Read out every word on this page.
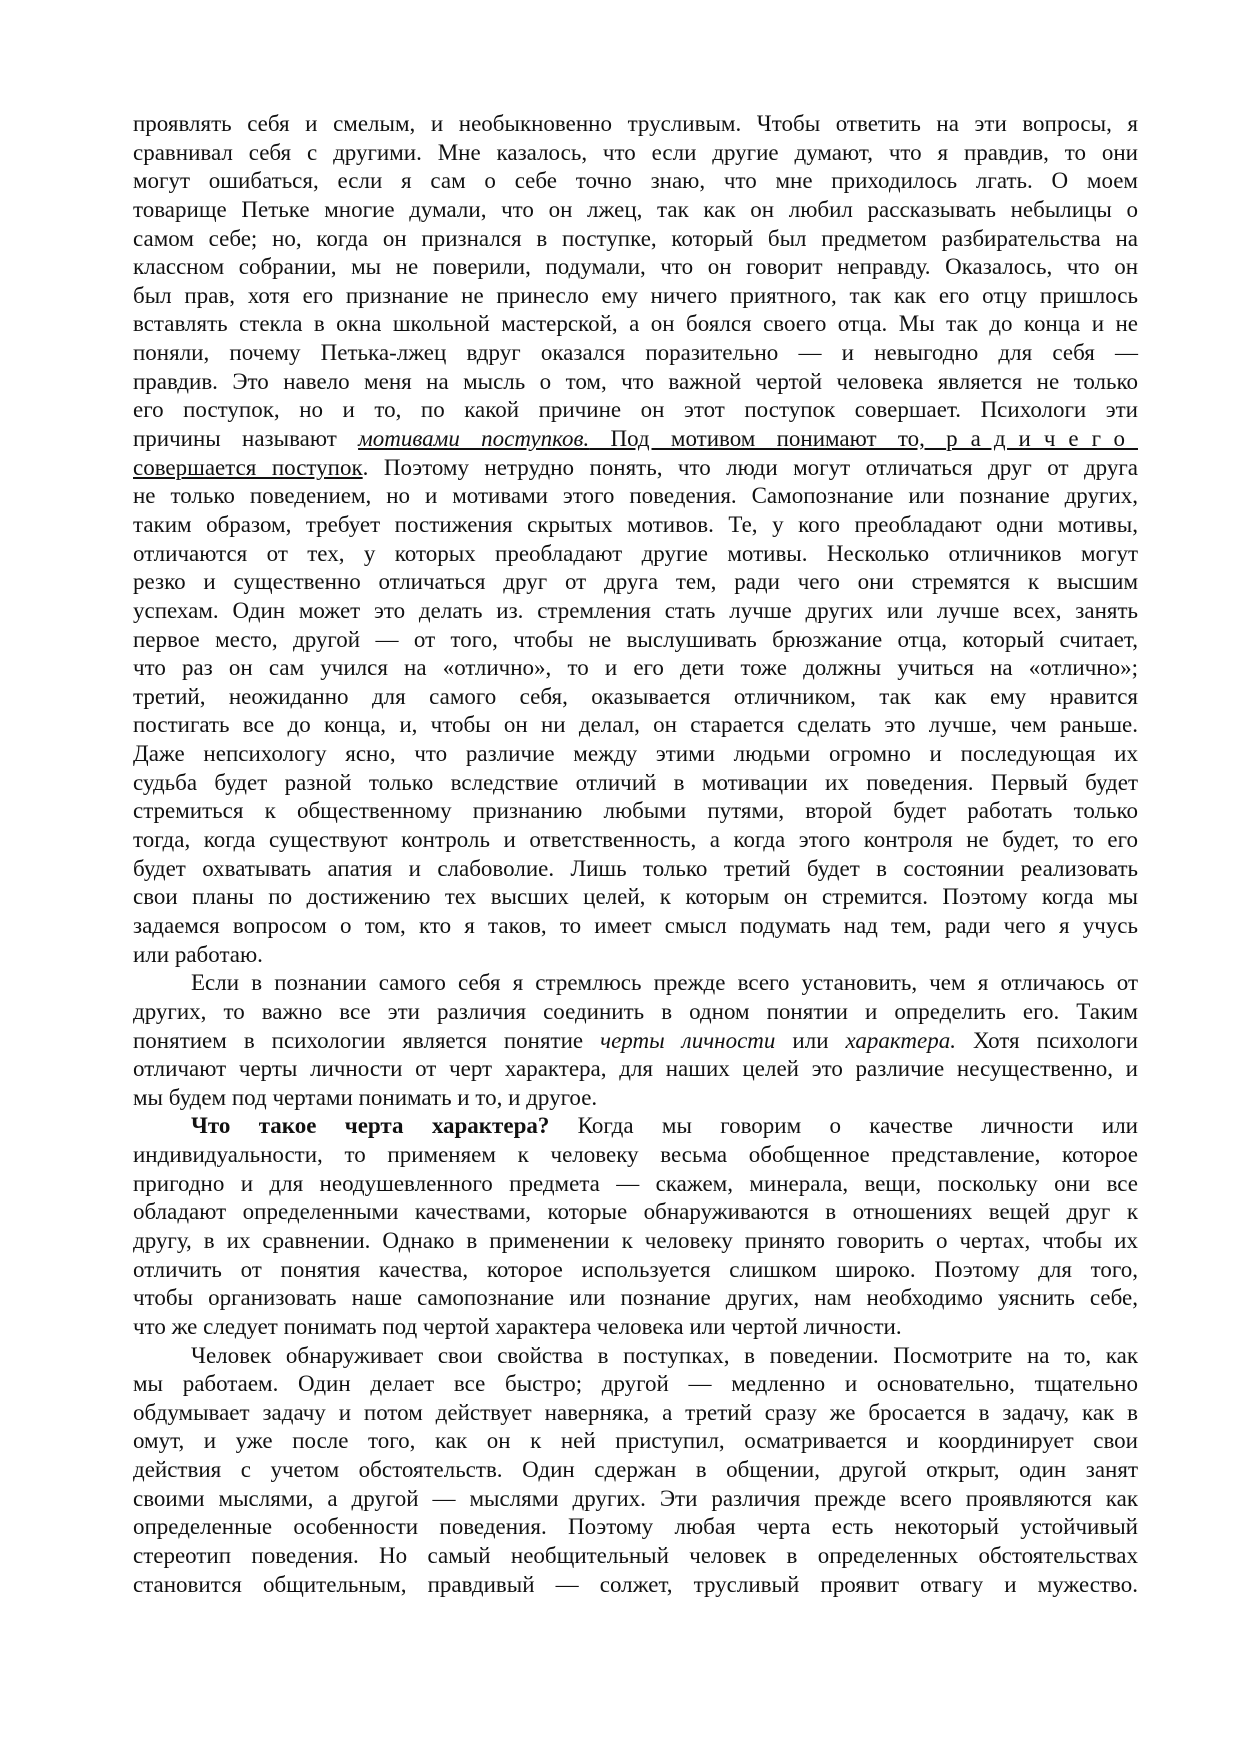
проявлять себя и смелым, и необыкновенно трусливым. Чтобы ответить на эти вопросы, я
сравнивал себя с другими. Мне казалось, что если другие думают, что я правдив, то они
могут ошибаться, если я сам о себе точно знаю, что мне приходилось лгать. О моем
товарище Петьке многие думали, что он лжец, так как он любил рассказывать небылицы о
самом себе; но, когда он признался в поступке, который был предметом разбирательства на
классном собрании, мы не поверили, подумали, что он говорит неправду. Оказалось, что он
был прав, хотя его признание не принесло ему ничего приятного, так как его отцу пришлось
вставлять стекла в окна школьной мастерской, а он боялся своего отца. Мы так до конца и не
поняли, почему Петька-лжец вдруг оказался поразительно — и невыгодно для себя —
правдив. Это навело меня на мысль о том, что важной чертой человека является не только
его поступок, но и то, по какой причине он этот поступок совершает. Психологи эти
причины называют мотивами поступков. Под мотивом понимают то, радичего
совершается поступок. Поэтому нетрудно понять, что люди могут отличаться друг от друга
не только поведением, но и мотивами этого поведения. Самопознание или познание других,
таким образом, требует постижения скрытых мотивов. Те, у кого преобладают одни мотивы,
отличаются от тех, у которых преобладают другие мотивы. Несколько отличников могут
резко и существенно отличаться друг от друга тем, ради чего они стремятся к высшим
успехам. Один может это делать из. стремления стать лучше других или лучше всех, занять
первое место, другой — от того, чтобы не выслушивать брюзжание отца, который считает,
что раз он сам учился на «отлично», то и его дети тоже должны учиться на «отлично»;
третий, неожиданно для самого себя, оказывается отличником, так как ему нравится
постигать все до конца, и, чтобы он ни делал, он старается сделать это лучше, чем раньше.
Даже непсихологу ясно, что различие между этими людьми огромно и последующая их
судьба будет разной только вследствие отличий в мотивации их поведения. Первый будет
стремиться к общественному признанию любыми путями, второй будет работать только
тогда, когда существуют контроль и ответственность, а когда этого контроля не будет, то его
будет охватывать апатия и слабоволие. Лишь только третий будет в состоянии реализовать
свои планы по достижению тех высших целей, к которым он стремится. Поэтому когда мы
задаемся вопросом о том, кто я таков, то имеет смысл подумать над тем, ради чего я учусь
или работаю.
Если в познании самого себя я стремлюсь прежде всего установить, чем я отличаюсь от
других, то важно все эти различия соединить в одном понятии и определить его. Таким
понятием в психологии является понятие черты личности или характера. Хотя психологи
отличают черты личности от черт характера, для наших целей это различие несущественно, и
мы будем под чертами понимать и то, и другое.
Что такое черта характера? Когда мы говорим о качестве личности или
индивидуальности, то применяем к человеку весьма обобщенное представление, которое
пригодно и для неодушевленного предмета — скажем, минерала, вещи, поскольку они все
обладают определенными качествами, которые обнаруживаются в отношениях вещей друг к
другу, в их сравнении. Однако в применении к человеку принято говорить о чертах, чтобы их
отличить от понятия качества, которое используется слишком широко. Поэтому для того,
чтобы организовать наше самопознание или познание других, нам необходимо уяснить себе,
что же следует понимать под чертой характера человека или чертой личности.
Человек обнаруживает свои свойства в поступках, в поведении. Посмотрите на то, как
мы работаем. Один делает все быстро; другой — медленно и основательно, тщательно
обдумывает задачу и потом действует наверняка, а третий сразу же бросается в задачу, как в
омут, и уже после того, как он к ней приступил, осматривается и координирует свои
действия с учетом обстоятельств. Один сдержан в общении, другой открыт, один занят
своими мыслями, а другой — мыслями других. Эти различия прежде всего проявляются как
определенные особенности поведения. Поэтому любая черта есть некоторый устойчивый
стереотип поведения. Но самый необщительный человек в определенных обстоятельствах
становится общительным, правдивый — солжет, трусливый проявит отвагу и мужество.
